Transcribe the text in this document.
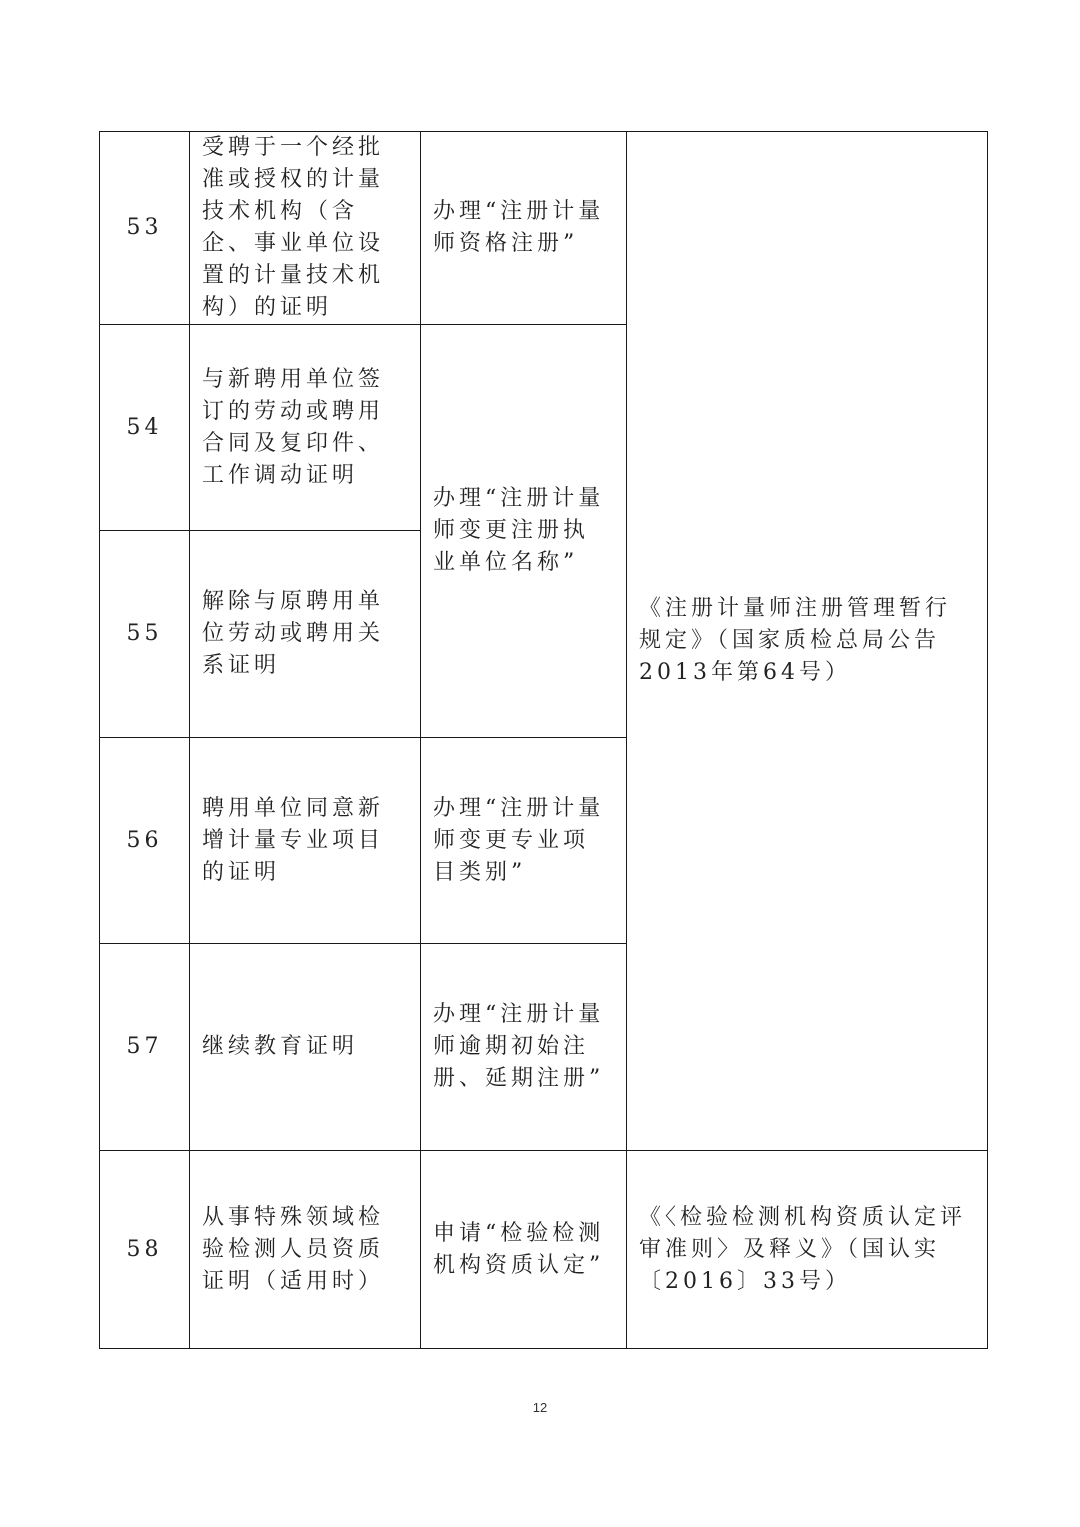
53	受聘于一个经批准或授权的计量技术机构（含企、事业单位设置的计量技术机构）的证明	办理“注册计量师资格注册”	《注册计量师注册管理暂行规定》（国家质检总局公告 2013年第64号）
54	与新聘用单位签订的劳动或聘用合同及复印件、工作调动证明	办理“注册计量师变更注册执业单位名称”	
55	解除与原聘用单位劳动或聘用关系证明		
56	聘用单位同意新增计量专业项目的证明	办理“注册计量师变更专业项目类别”	
57	继续教育证明	办理“注册计量师逾期初始注册、延期注册”	
58	从事特殊领域检验检测人员资质证明（适用时）	申请“检验检测机构资质认定”	《〈检验检测机构资质认定评审准则〉及释义》（国认实〔2016〕33号）
12
